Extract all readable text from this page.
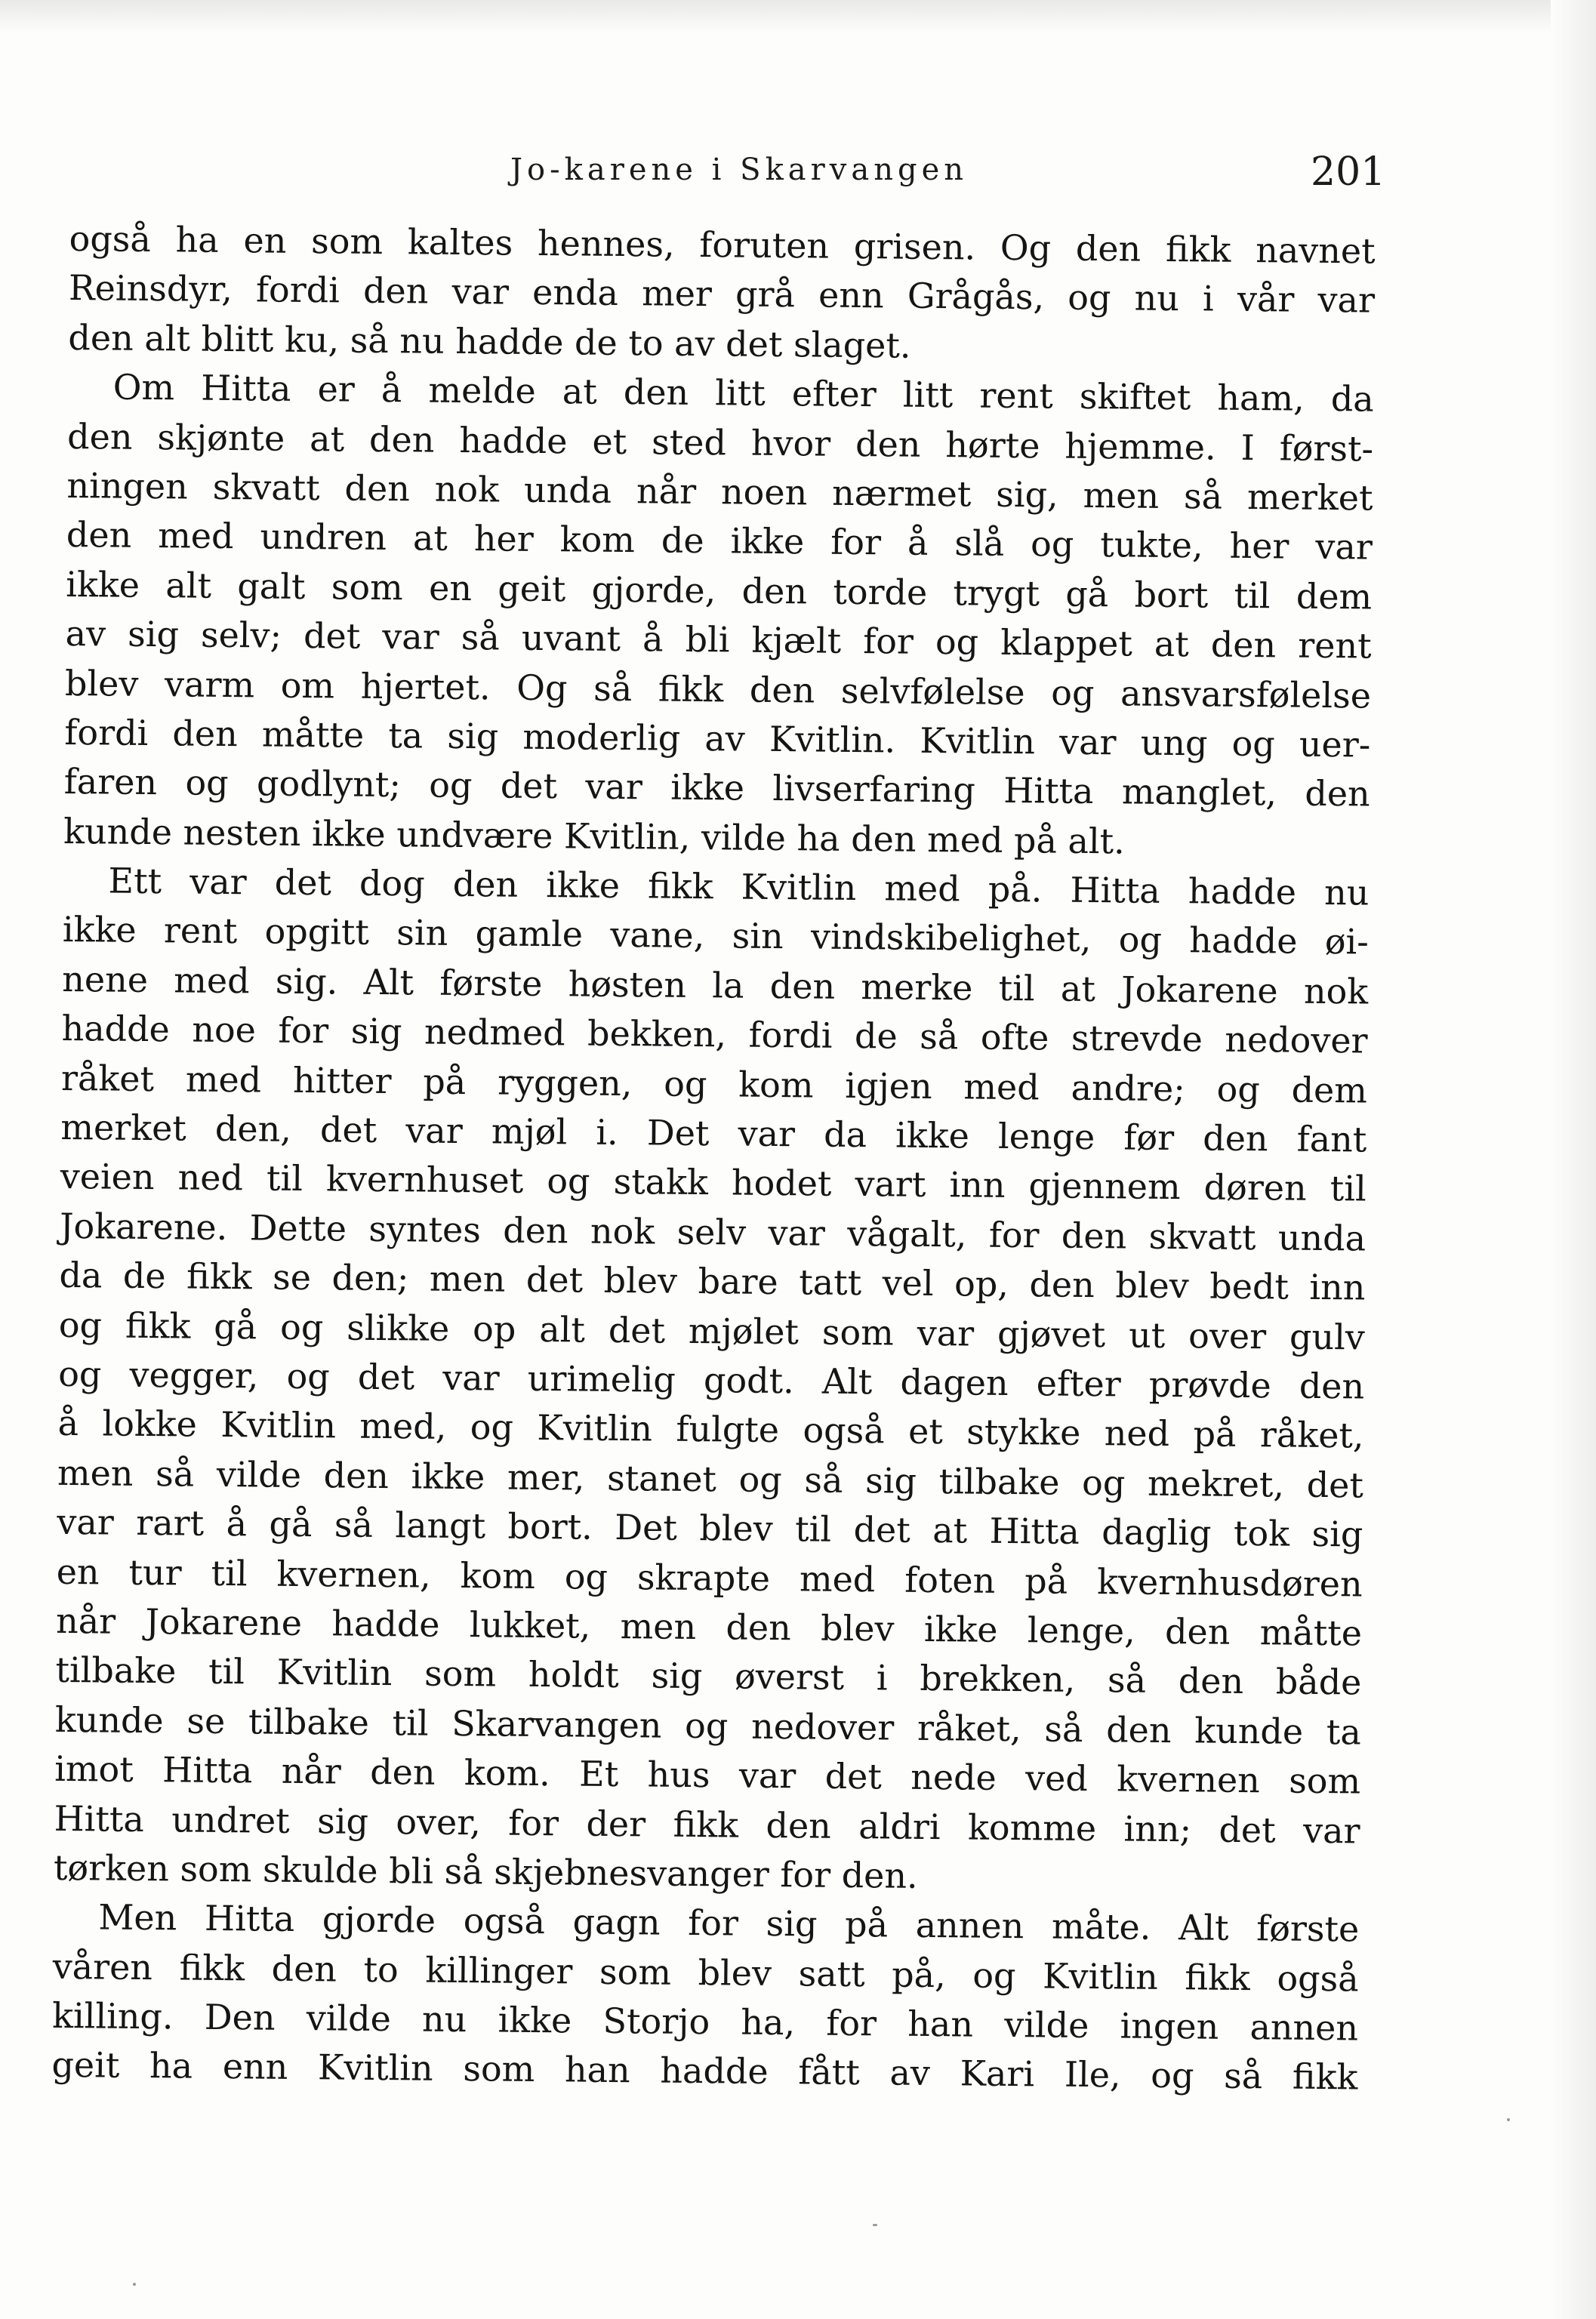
Jo-karene i Skarvangen	201
også ha en som kaltes hennes, foruten grisen. Og den fikk navnet
Reinsdyr, fordi den var enda mer grå enn Grågås, og nu i vår var
den alt blitt ku, så nu hadde de to av det slaget.
Om Hitta er å melde at den litt efter litt rent skiftet ham, da
den skjønte at den hadde et sted hvor den hørte hjemme. I først-
ningen skvatt den nok unda når noen nærmet sig, men så merket
den med undren at her kom de ikke for å slå og tukte, her var
ikke alt galt som en geit gjorde, den torde trygt gå bort til dem
av sig selv; det var så uvant å bli kjælt for og klappet at den rent
blev varm om hjertet. Og så fikk den selvfølelse og ansvarsfølelse
fordi den måtte ta sig moderlig av Kvitlin. Kvitlin var ung og uer-
faren og godlynt; og det var ikke livserfaring Hitta manglet, den
kunde nesten ikke undvære Kvitlin, vilde ha den med på alt.
Ett var det dog den ikke fikk Kvitlin med på. Hitta hadde nu
ikke rent opgitt sin gamle vane, sin vindskibelighet, og hadde øi-
nene med sig. Alt første høsten la den merke til at Jokarene nok
hadde noe for sig nedmed bekken, fordi de så ofte strevde nedover
råket med hitter på ryggen, og kom igjen med andre; og dem
merket den, det var mjøl i. Det var da ikke lenge før den fant
veien ned til kvernhuset og stakk hodet vart inn gjennem døren til
Jokarene. Dette syntes den nok selv var vågalt, for den skvatt unda
da de fikk se den; men det blev bare tatt vel op, den blev bedt inn
og fikk gå og slikke op alt det mjølet som var gjøvet ut over gulv
og vegger, og det var urimelig godt. Alt dagen efter prøvde den
å lokke Kvitlin med, og Kvitlin fulgte også et stykke ned på råket,
men så vilde den ikke mer, stanet og så sig tilbake og mekret, det
var rart å gå så langt bort. Det blev til det at Hitta daglig tok sig
en tur til kvernen, kom og skrapte med foten på kvernhusdøren
når Jokarene hadde lukket, men den blev ikke lenge, den måtte
tilbake til Kvitlin som holdt sig øverst i brekken, så den både
kunde se tilbake til Skarvangen og nedover råket, så den kunde ta
imot Hitta når den kom. Et hus var det nede ved kvernen som
Hitta undret sig over, for der fikk den aldri komme inn; det var
tørken som skulde bli så skjebnesvanger for den.
Men Hitta gjorde også gagn for sig på annen måte. Alt første
våren fikk den to killinger som blev satt på, og Kvitlin fikk også
killing. Den vilde nu ikke Storjo ha, for han vilde ingen annen
geit ha enn Kvitlin som han hadde fått av Kari Ile, og så fikk
